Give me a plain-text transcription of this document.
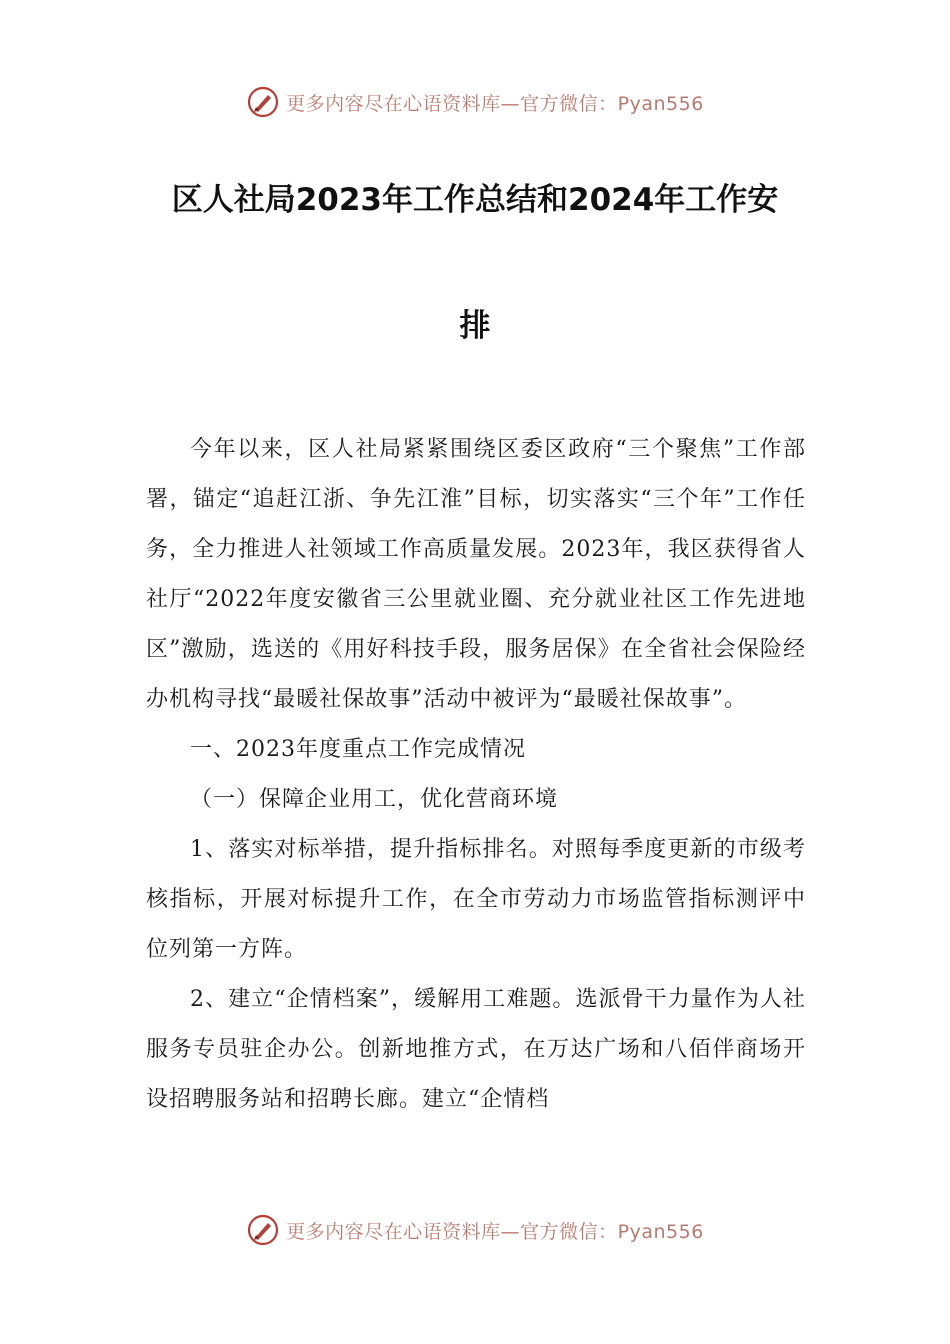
更多内容尽在心语资料库—官方微信：Pyan556
区人社局2023年工作总结和2024年工作安
排

今年以来，区人社局紧紧围绕区委区政府“三个聚焦”工作部署，锚定“追赶江浙、争先江淮”目标，切实落实“三个年”工作任务，全力推进人社领域工作高质量发展。2023年，我区获得省人社厅“2022年度安徽省三公里就业圈、充分就业社区工作先进地区”激励，选送的《用好科技手段，服务居保》在全省社会保险经办机构寻找“最暖社保故事”活动中被评为“最暖社保故事”。

一、2023年度重点工作完成情况

（一）保障企业用工，优化营商环境

1、落实对标举措，提升指标排名。对照每季度更新的市级考核指标，开展对标提升工作，在全市劳动力市场监管指标测评中位列第一方阵。

2、建立“企情档案”，缓解用工难题。选派骨干力量作为人社服务专员驻企办公。创新地推方式，在万达广场和八佰伴商场开设招聘服务站和招聘长廊。建立“企情档

更多内容尽在心语资料库—官方微信：Pyan556
